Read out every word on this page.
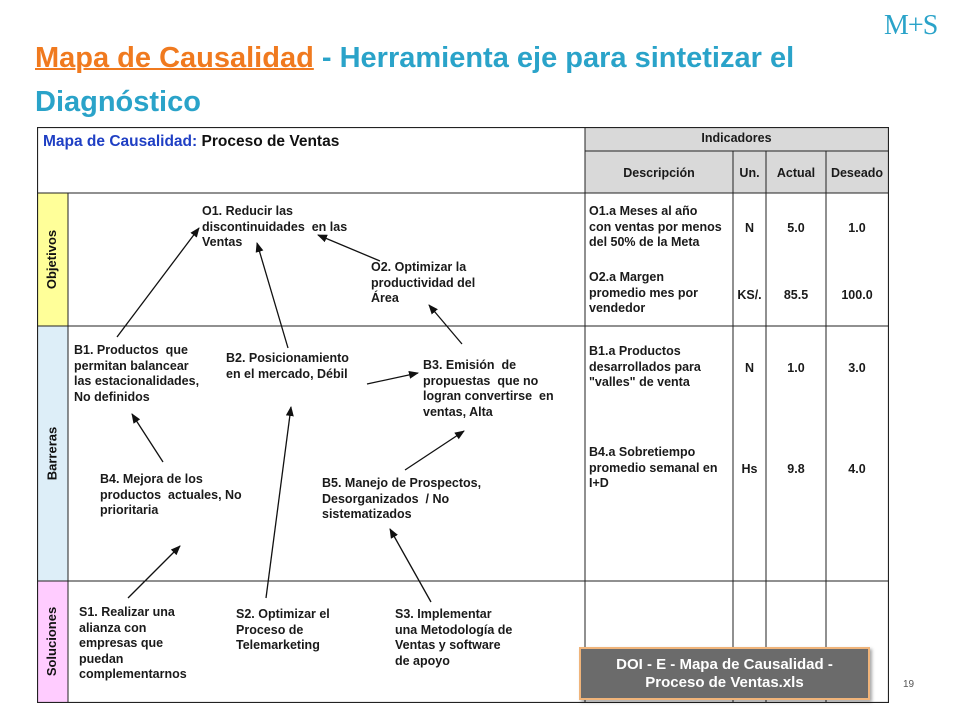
Mapa de Causalidad - Herramienta eje para sintetizar el Diagnóstico
M+S
Mapa de Causalidad: Proceso de Ventas	Indicadores
Descripción	Un.	Actual	Deseado
Objetivos
Barreras
Soluciones
O1. Reducir las
discontinuidades  en las
Ventas
O2. Optimizar la
productividad del
Área
B1. Productos  que
permitan balancear
las estacionalidades,
No definidos
B2. Posicionamiento
en el mercado, Débil
B3. Emisión  de
propuestas  que no
logran convertirse  en
ventas, Alta
B4. Mejora de los
productos  actuales, No
prioritaria
B5. Manejo de Prospectos,
Desorganizados  / No
sistematizados
S1. Realizar una
alianza con
empresas que
puedan
complementarnos
S2. Optimizar el
Proceso de
Telemarketing
S3. Implementar
una Metodología de
Ventas y software
de apoyo
O1.a Meses al año
con ventas por menos
del 50% de la Meta
N	5.0	1.0
O2.a Margen
promedio mes por
vendedor
KS/.	85.5	100.0
B1.a Productos
desarrollados para
"valles" de venta
N	1.0	3.0
B4.a Sobretiempo
promedio semanal en
I+D
Hs	9.8	4.0
DOI - E - Mapa de Causalidad -
Proceso de Ventas.xls	19
